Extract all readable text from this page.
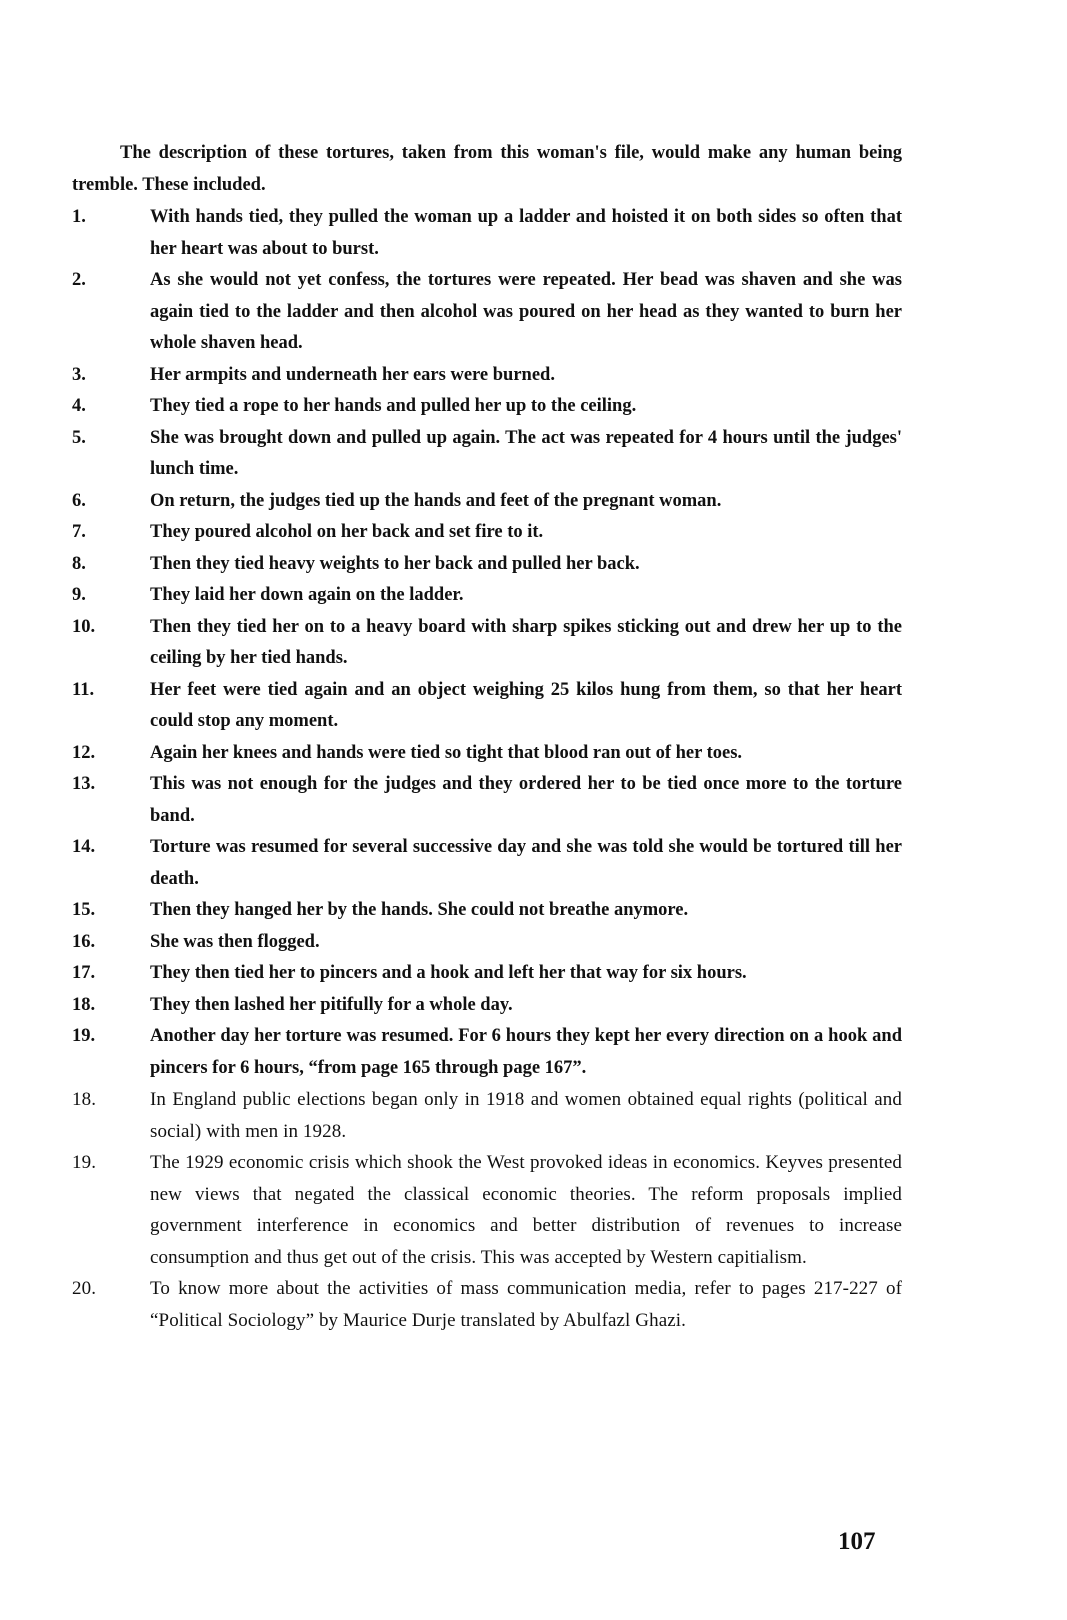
The description of these tortures, taken from this woman's file, would make any human being tremble. These included.

1.	With hands tied, they pulled the woman up a ladder and hoisted it on both sides so often that her heart was about to burst.
2.	As she would not yet confess, the tortures were repeated. Her bead was shaven and she was again tied to the ladder and then alcohol was poured on her head as they wanted to burn her whole shaven head.
3.	Her armpits and underneath her ears were burned.
4.	They tied a rope to her hands and pulled her up to the ceiling.
5.	She was brought down and pulled up again. The act was repeated for 4 hours until the judges' lunch time.
6.	On return, the judges tied up the hands and feet of the pregnant woman.
7.	They poured alcohol on her back and set fire to it.
8.	Then they tied heavy weights to her back and pulled her back.
9.	They laid her down again on the ladder.
10.	Then they tied her on to a heavy board with sharp spikes sticking out and drew her up to the ceiling by her tied hands.
11.	Her feet were tied again and an object weighing 25 kilos hung from them, so that her heart could stop any moment.
12.	Again her knees and hands were tied so tight that blood ran out of her toes.
13.	This was not enough for the judges and they ordered her to be tied once more to the torture band.
14.	Torture was resumed for several successive day and she was told she would be tortured till her death.
15.	Then they hanged her by the hands. She could not breathe anymore.
16.	She was then flogged.
17.	They then tied her to pincers and a hook and left her that way for six hours.
18.	They then lashed her pitifully for a whole day.
19.	Another day her torture was resumed. For 6 hours they kept her every direction on a hook and pincers for 6 hours, “from page 165 through page 167”.
18.	In England public elections began only in 1918 and women obtained equal rights (political and social) with men in 1928.
19.	The 1929 economic crisis which shook the West provoked ideas in economics. Keyves presented new views that negated the classical economic theories. The reform proposals implied government interference in economics and better distribution of revenues to increase consumption and thus get out of the crisis. This was accepted by Western capitialism.
20.	To know more about the activities of mass communication media, refer to pages 217-227 of “Political Sociology” by Maurice Durje translated by Abulfazl Ghazi.

107
